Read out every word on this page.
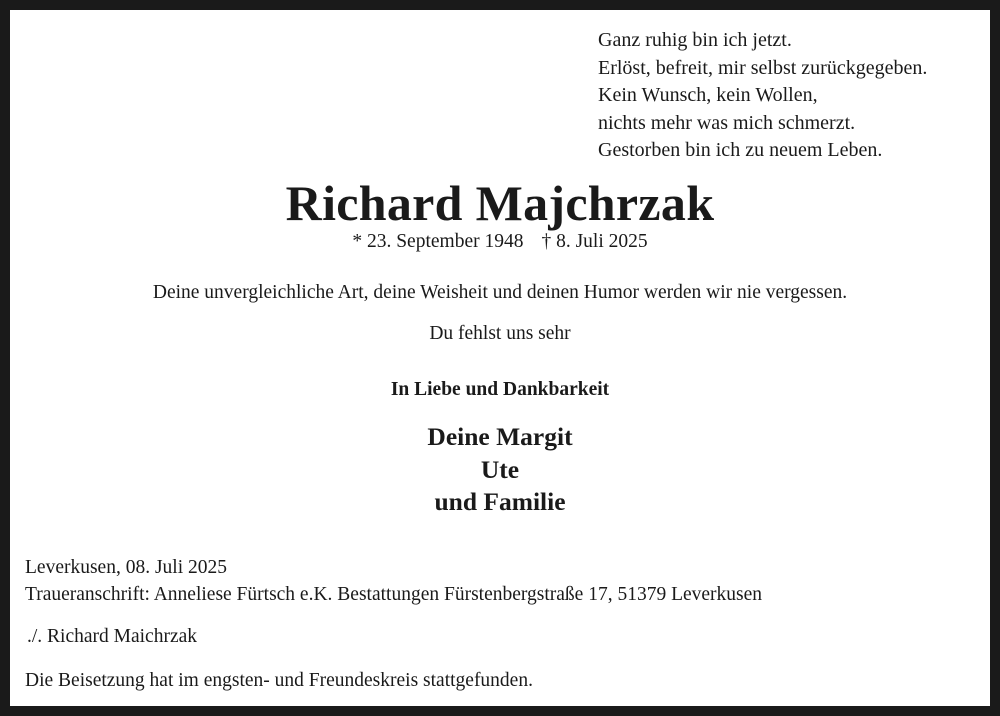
Ganz ruhig bin ich jetzt.
Erlöst, befreit, mir selbst zurückgegeben.
Kein Wunsch, kein Wollen,
nichts mehr was mich schmerzt.
Gestorben bin ich zu neuem Leben.
Richard Majchrzak
* 23. September 1948 † 8. Juli 2025
Deine unvergleichliche Art, deine Weisheit und deinen Humor werden wir nie vergessen.
Du fehlst uns sehr
In Liebe und Dankbarkeit
Deine Margit
Ute
und Familie
Leverkusen, 08. Juli 2025
Traueranschrift: Anneliese Fürtsch e.K. Bestattungen Fürstenbergstraße 17, 51379 Leverkusen
./. Richard Maichrzak
Die Beisetzung hat im engsten- und Freundeskreis stattgefunden.
